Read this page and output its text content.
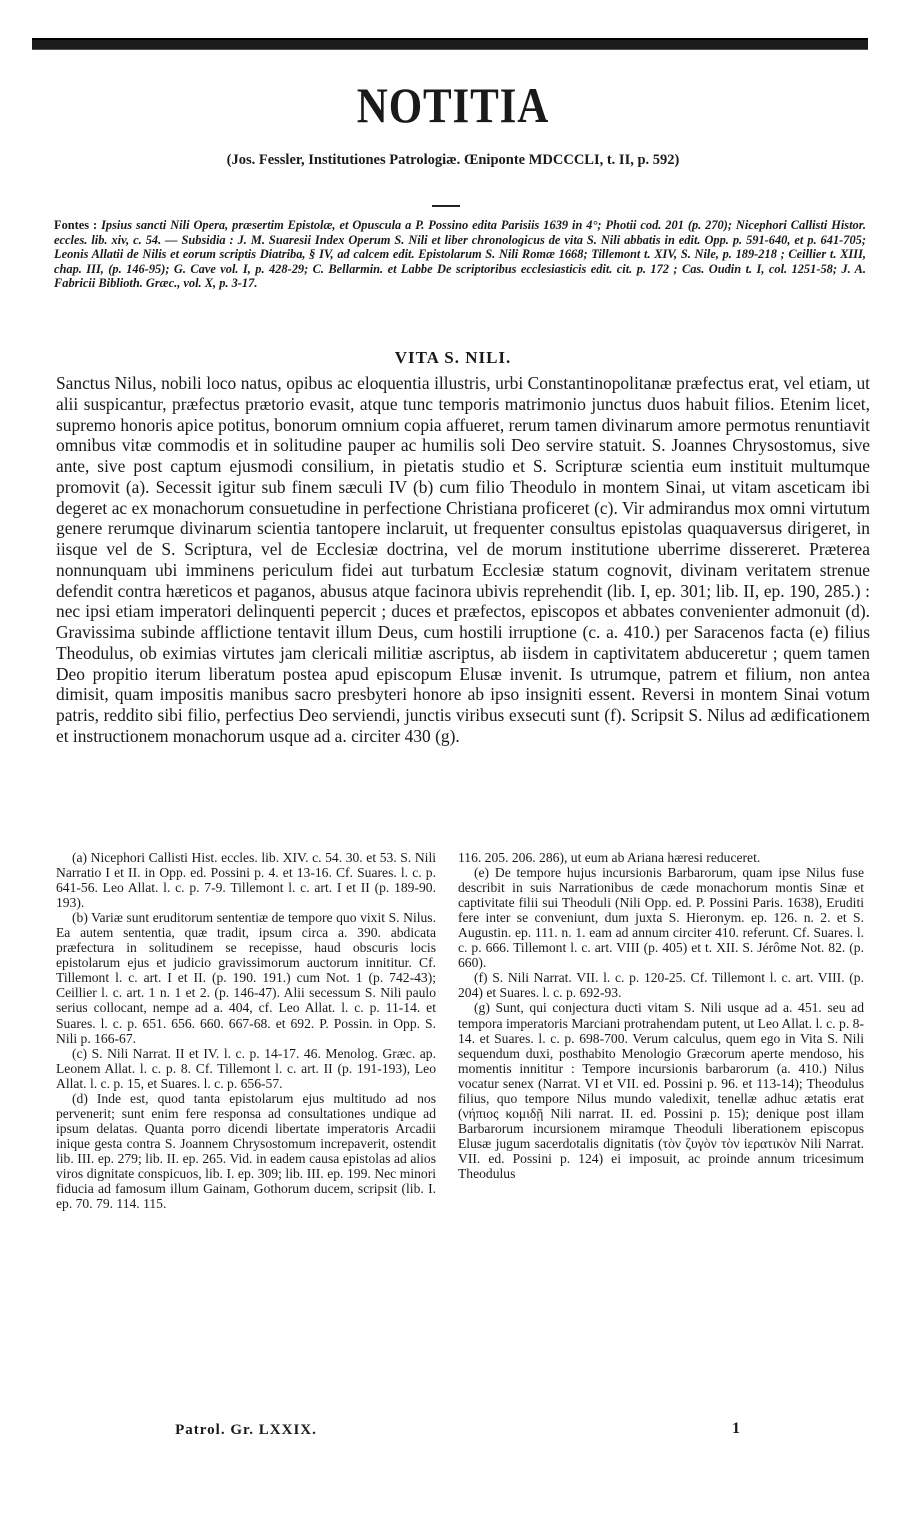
NOTITIA
(Jos. Fessler, Institutiones Patrologiæ. Œniponte MDCCCLI, t. II, p. 592)
Fontes : Ipsius sancti Nili Opera, præsertim Epistolæ, et Opuscula a P. Possino edita Parisiis 1639 in 4°; Photii cod. 201 (p. 270); Nicephori Callisti Histor. eccles. lib. xiv, c. 54. — Subsidia : J. M. Suaresii Index Operum S. Nili et liber chronologicus de vita S. Nili abbatis in edit. Opp. p. 591-640, et p. 641-705; Leonis Allatii de Nilis et eorum scriptis Diatriba, § IV, ad calcem edit. Epistolarum S. Nili Romæ 1668; Tillemont t. XIV, S. Nile, p. 189-218 ; Ceillier t. XIII, chap. III, (p. 146-95); G. Cave vol. I, p. 428-29; C. Bellarmin. et Labbe De scriptoribus ecclesiasticis edit. cit. p. 172 ; Cas. Oudin t. I, col. 1251-58; J. A. Fabricii Biblioth. Græc., vol. X, p. 3-17.
VITA S. NILI.
Sanctus Nilus, nobili loco natus, opibus ac eloquentia illustris, urbi Constantinopolitanæ præfectus erat, vel etiam, ut alii suspicantur, præfectus prætorio evasit, atque tunc temporis matrimonio junctus duos habuit filios. Etenim licet, supremo honoris apice potitus, bonorum omnium copia affueret, rerum tamen divinarum amore permotus renuntiavit omnibus vitæ commodis et in solitudine pauper ac humilis soli Deo servire statuit. S. Joannes Chrysostomus, sive ante, sive post captum ejusmodi consilium, in pietatis studio et S. Scripturæ scientia eum instituit multumque promovit (a). Secessit igitur sub finem sæculi IV (b) cum filio Theodulo in montem Sinai, ut vitam asceticam ibi degeret ac ex monachorum consuetudine in perfectione Christiana proficeret (c). Vir admirandus mox omni virtutum genere rerumque divinarum scientia tantopere inclaruit, ut frequenter consultus epistolas quaquaversus dirigeret, in iisque vel de S. Scriptura, vel de Ecclesiæ doctrina, vel de morum institutione uberrime dissereret. Præterea nonnunquam ubi imminens periculum fidei aut turbatum Ecclesiæ statum cognovit, divinam veritatem strenue defendit contra hæreticos et paganos, abusus atque facinora ubivis reprehendit (lib. I, ep. 301; lib. II, ep. 190, 285.) : nec ipsi etiam imperatori delinquenti pepercit ; duces et præfectos, episcopos et abbates convenienter admonuit (d). Gravissima subinde afflictione tentavit illum Deus, cum hostili irruptione (c. a. 410.) per Saracenos facta (e) filius Theodulus, ob eximias virtutes jam clericali militiæ ascriptus, ab iisdem in captivitatem abduceretur ; quem tamen Deo propitio iterum liberatum postea apud episcopum Elusæ invenit. Is utrumque, patrem et filium, non antea dimisit, quam impositis manibus sacro presbyteri honore ab ipso insigniti essent. Reversi in montem Sinai votum patris, reddito sibi filio, perfectius Deo serviendi, junctis viribus exsecuti sunt (f). Scripsit S. Nilus ad ædificationem et instructionem monachorum usque ad a. circiter 430 (g).

(a) Nicephori Callisti Hist. eccles. lib. XIV. c. 54. 30. et 53. S. Nili Narratio I et II. in Opp. ed. Possini p. 4. et 13-16. Cf. Suares. l. c. p. 641-56. Leo Allat. l. c. p. 7-9. Tillemont l. c. art. I et II (p. 189-90. 193).

(b) Variæ sunt eruditorum sententiæ de tempore quo vixit S. Nilus. Ea autem sententia, quæ tradit, ipsum circa a. 390. abdicata præfectura in solitudinem se recepisse, haud obscuris locis epistolarum ejus et judicio gravissimorum auctorum innititur. Cf. Tillemont l. c. art. I et II. (p. 190. 191.) cum Not. 1 (p. 742-43); Ceillier l. c. art. 1 n. 1 et 2. (p. 146-47). Alii secessum S. Nili paulo serius collocant, nempe ad a. 404, cf. Leo Allat. l. c. p. 11-14. et Suares. l. c. p. 651. 656. 660. 667-68. et 692. P. Possin. in Opp. S. Nili p. 166-67.

(c) S. Nili Narrat. II et IV. l. c. p. 14-17. 46. Menolog. Græc. ap. Leonem Allat. l. c. p. 8. Cf. Tillemont l. c. art. II (p. 191-193), Leo Allat. l. c. p. 15, et Suares. l. c. p. 656-57.

(d) Inde est, quod tanta epistolarum ejus multitudo ad nos pervenerit; sunt enim fere responsa ad consultationes undique ad ipsum delatas. Quanta porro dicendi libertate imperatoris Arcadii inique gesta contra S. Joannem Chrysostomum increpaverit, ostendit lib. III. ep. 279; lib. II. ep. 265. Vid. in eadem causa epistolas ad alios viros dignitate conspicuos, lib. I. ep. 309; lib. III. ep. 199. Nec minori fiducia ad famosum illum Gainam, Gothorum ducem, scripsit (lib. I. ep. 70. 79. 114. 115.

116. 205. 206. 286), ut eum ab Ariana hæresi reduceret.

(e) De tempore hujus incursionis Barbarorum, quam ipse Nilus fuse describit in suis Narrationibus de cæde monachorum montis Sinæ et captivitate filii sui Theoduli (Nili Opp. ed. P. Possini Paris. 1638), Eruditi fere inter se conveniunt, dum juxta S. Hieronym. ep. 126. n. 2. et S. Augustin. ep. 111. n. 1. eam ad annum circiter 410. referunt. Cf. Suares. l. c. p. 666. Tillemont l. c. art. VIII (p. 405) et t. XII. S. Jérôme Not. 82. (p. 660).

(f) S. Nili Narrat. VII. l. c. p. 120-25. Cf. Tillemont l. c. art. VIII. (p. 204) et Suares. l. c. p. 692-93.

(g) Sunt, qui conjectura ducti vitam S. Nili usque ad a. 451. seu ad tempora imperatoris Marciani protrahendam putent, ut Leo Allat. l. c. p. 8-14. et Suares. l. c. p. 698-700. Verum calculus, quem ego in Vita S. Nili sequendum duxi, posthabito Menologio Græcorum aperte mendoso, his momentis innititur : Tempore incursionis barbarorum (a. 410.) Nilus vocatur senex (Narrat. VI et VII. ed. Possini p. 96. et 113-14); Theodulus filius, quo tempore Nilus mundo valedixit, tenellæ adhuc ætatis erat (νήπιος κομιδῇ Nili narrat. II. ed. Possini p. 15); denique post illam Barbarorum incursionem miramque Theoduli liberationem episcopus Elusæ jugum sacerdotalis dignitatis (τὸν ζυγὸν τὸν ἱερατικὸν Nili Narrat. VII. ed. Possini p. 124) ei imposuit, ac proinde annum tricesimum Theodulus

Patrol. Gr. LXXIX.	1
